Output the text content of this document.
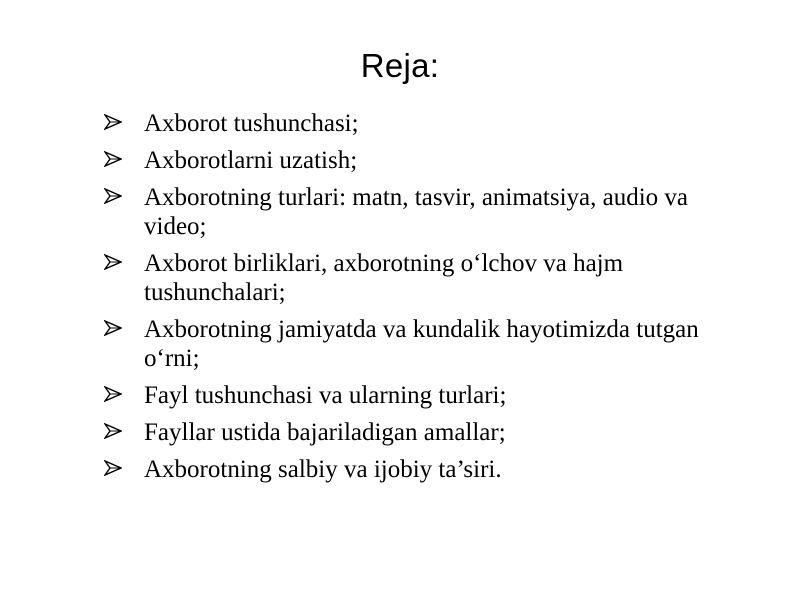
Reja:
Axborot tushunchasi;
Axborotlarni uzatish;
Axborotning turlari: matn, tasvir, animatsiya, audio va video;
Axborot birliklari, axborotning o‘lchov va hajm tushunchalari;
Axborotning jamiyatda va kundalik hayotimizda tutgan o‘rni;
Fayl tushunchasi va ularning turlari;
Fayllar ustida bajariladigan amallar;
Axborotning salbiy va ijobiy ta’siri.
